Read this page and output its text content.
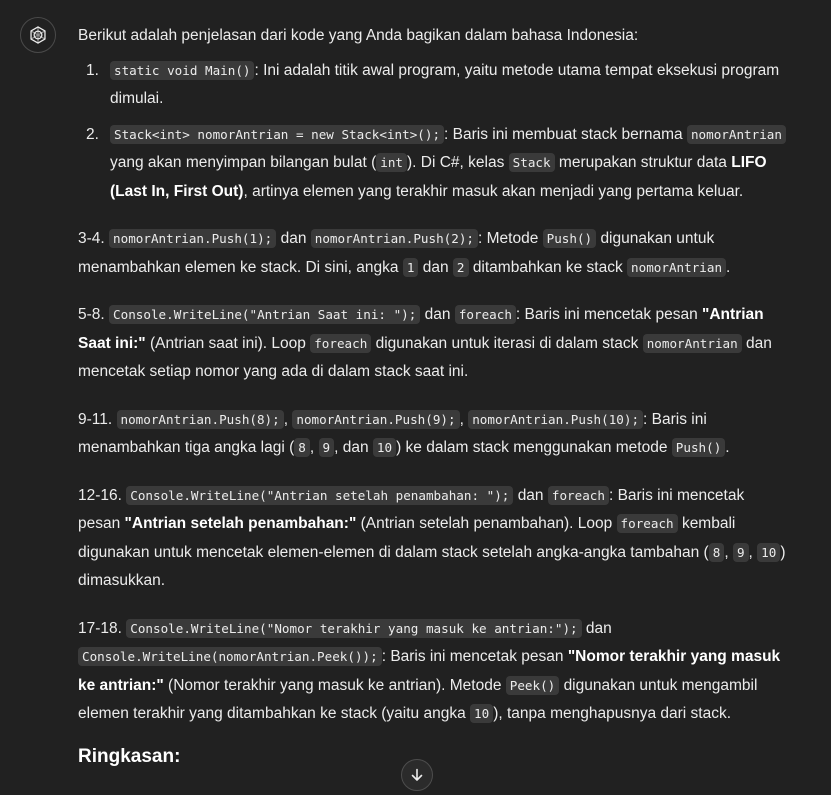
Berikut adalah penjelasan dari kode yang Anda bagikan dalam bahasa Indonesia:

1. static void Main() : Ini adalah titik awal program, yaitu metode utama tempat eksekusi program dimulai.
2. Stack<int> nomorAntrian = new Stack<int>(); : Baris ini membuat stack bernama nomorAntrian yang akan menyimpan bilangan bulat ( int ). Di C#, kelas Stack merupakan struktur data LIFO (Last In, First Out), artinya elemen yang terakhir masuk akan menjadi yang pertama keluar.

3-4. nomorAntrian.Push(1); dan nomorAntrian.Push(2); : Metode Push() digunakan untuk menambahkan elemen ke stack. Di sini, angka 1 dan 2 ditambahkan ke stack nomorAntrian .

5-8. Console.WriteLine("Antrian Saat ini: "); dan foreach : Baris ini mencetak pesan "Antrian Saat ini:" (Antrian saat ini). Loop foreach digunakan untuk iterasi di dalam stack nomorAntrian dan mencetak setiap nomor yang ada di dalam stack saat ini.

9-11. nomorAntrian.Push(8); , nomorAntrian.Push(9); , nomorAntrian.Push(10); : Baris ini menambahkan tiga angka lagi ( 8 , 9 , dan 10 ) ke dalam stack menggunakan metode Push() .

12-16. Console.WriteLine("Antrian setelah penambahan: "); dan foreach : Baris ini mencetak pesan "Antrian setelah penambahan:" (Antrian setelah penambahan). Loop foreach kembali digunakan untuk mencetak elemen-elemen di dalam stack setelah angka-angka tambahan ( 8 , 9 , 10 ) dimasukkan.

17-18. Console.WriteLine("Nomor terakhir yang masuk ke antrian:"); dan Console.WriteLine(nomorAntrian.Peek()); : Baris ini mencetak pesan "Nomor terakhir yang masuk ke antrian:" (Nomor terakhir yang masuk ke antrian). Metode Peek() digunakan untuk mengambil elemen terakhir yang ditambahkan ke stack (yaitu angka 10 ), tanpa menghapusnya dari stack.

Ringkasan:
